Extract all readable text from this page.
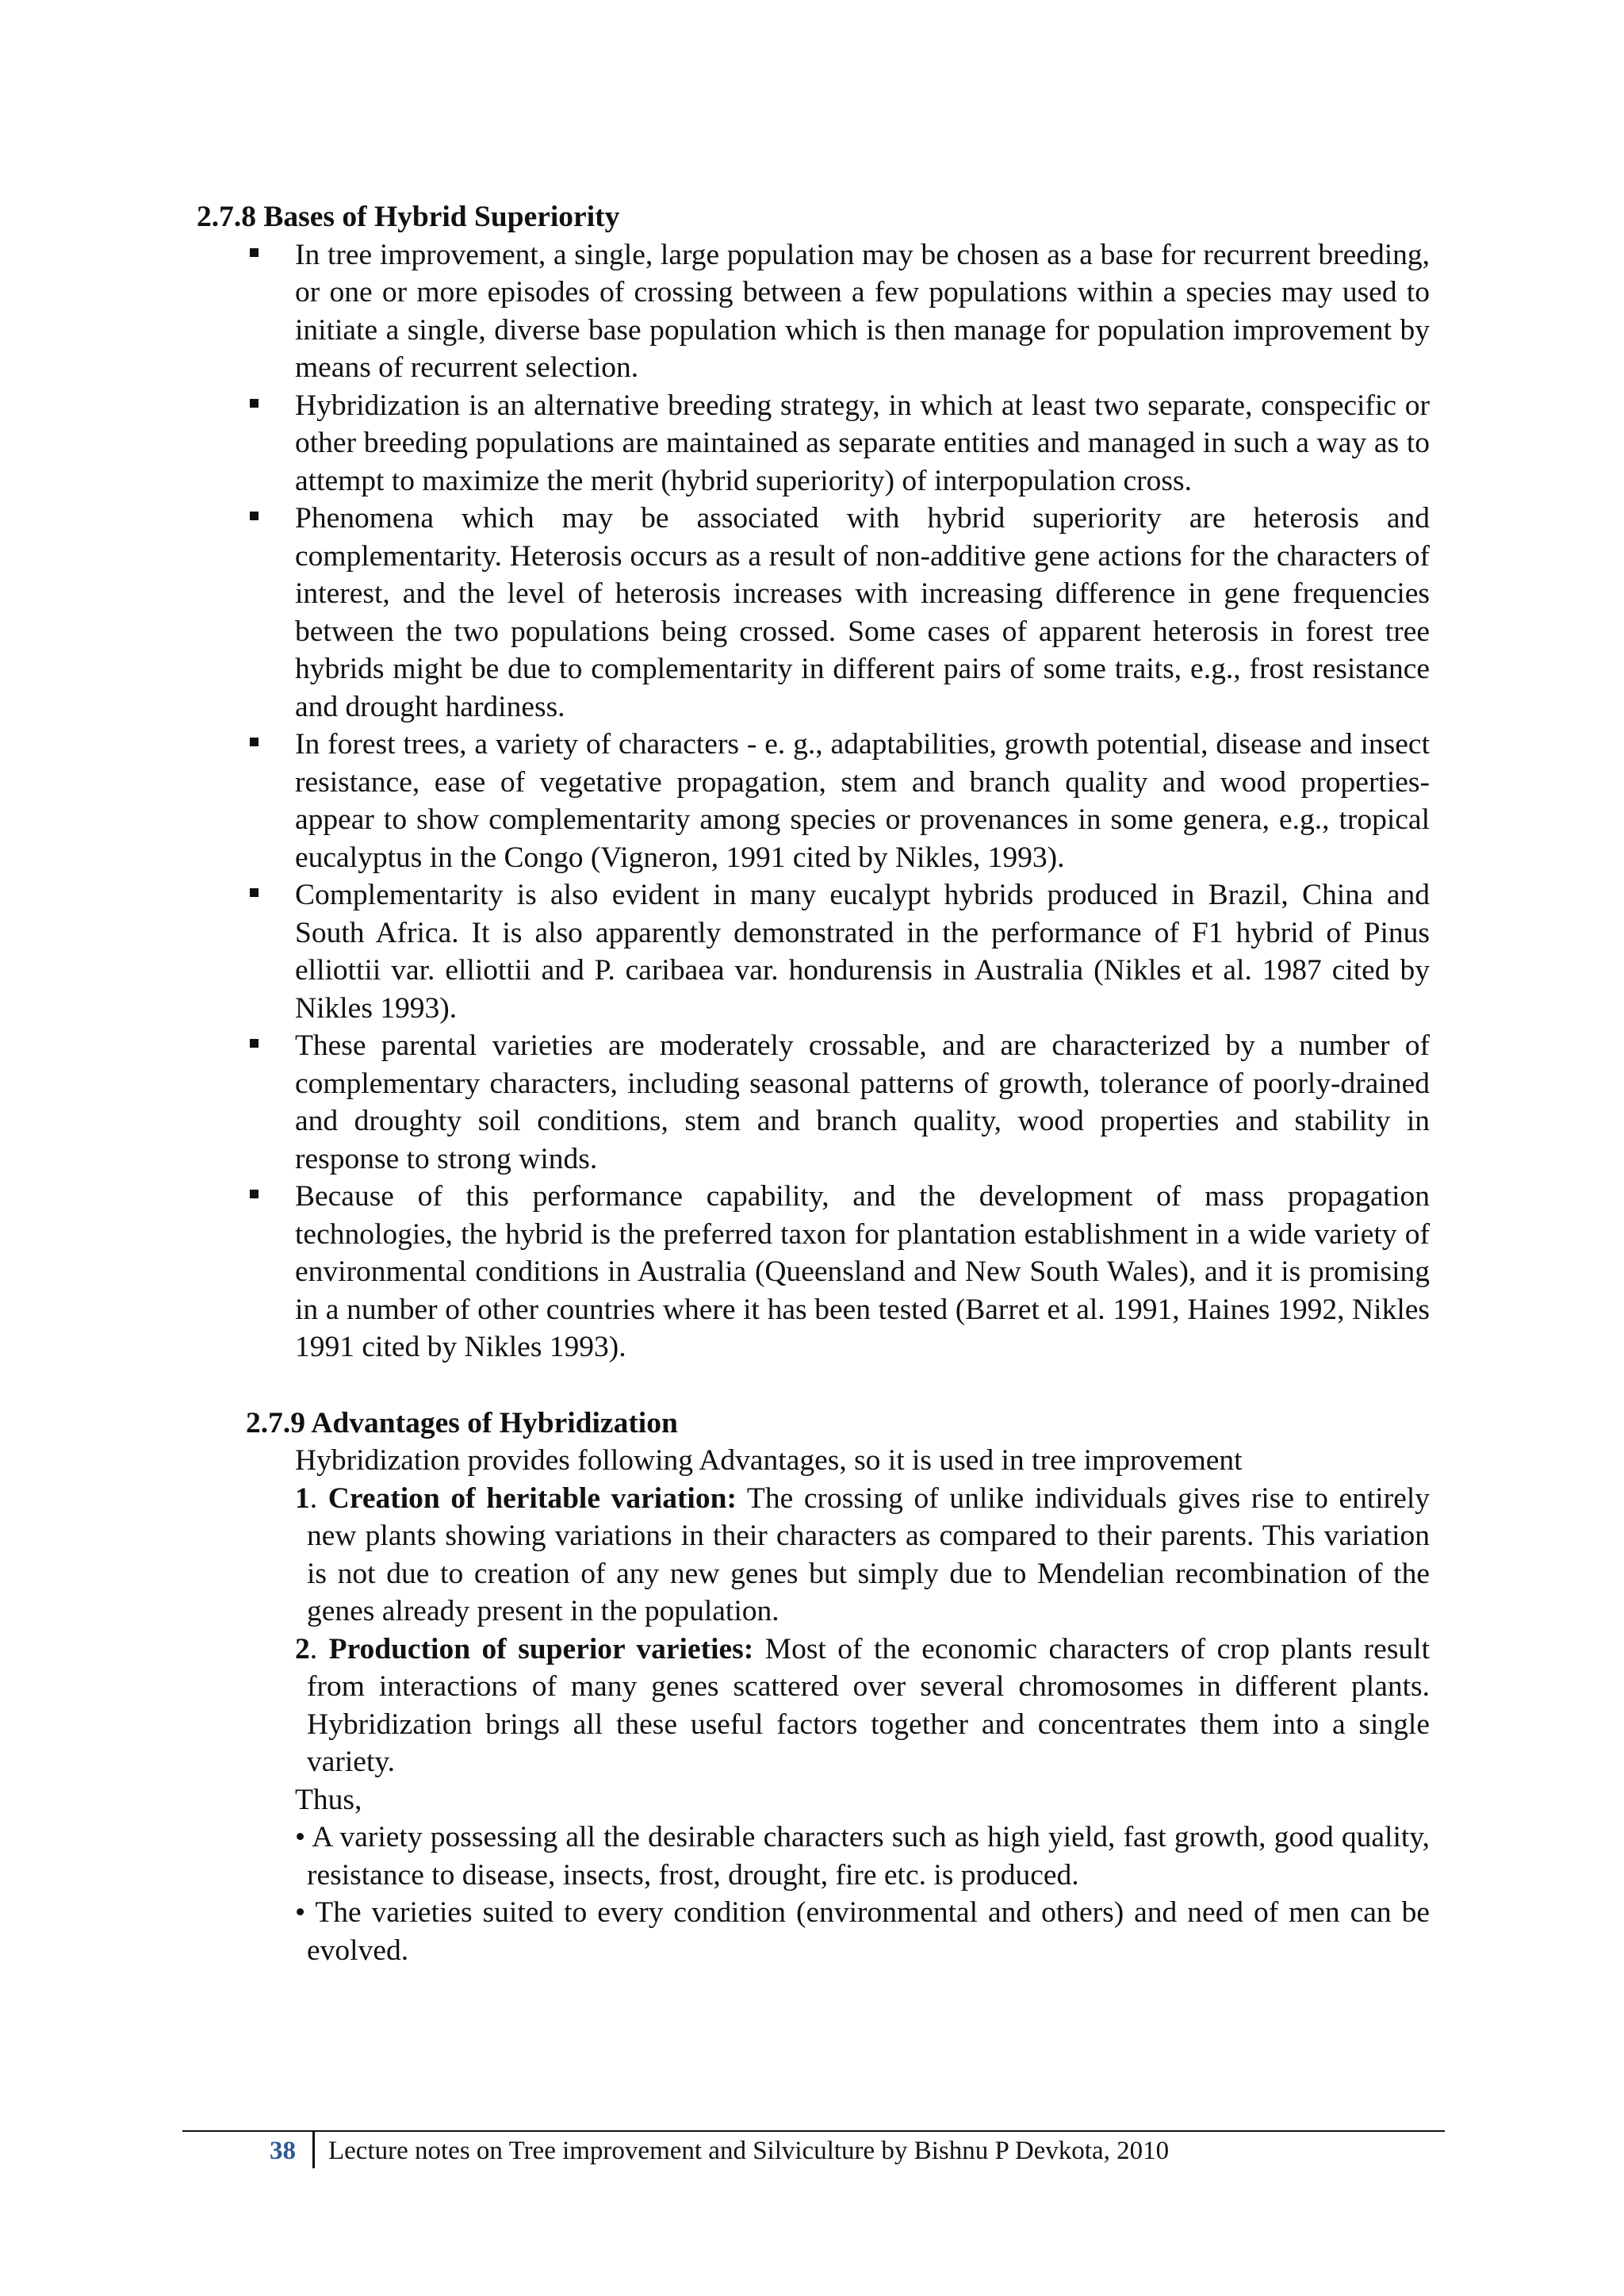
2.7.8 Bases of Hybrid Superiority
In tree improvement, a single, large population may be chosen as a base for recurrent breeding, or one or more episodes of crossing between a few populations within a species may used to initiate a single, diverse base population which is then manage for population improvement by means of recurrent selection.
Hybridization is an alternative breeding strategy, in which at least two separate, conspecific or other breeding populations are maintained as separate entities and managed in such a way as to attempt to maximize the merit (hybrid superiority) of interpopulation cross.
Phenomena which may be associated with hybrid superiority are heterosis and complementarity. Heterosis occurs as a result of non-additive gene actions for the characters of interest, and the level of heterosis increases with increasing difference in gene frequencies between the two populations being crossed. Some cases of apparent heterosis in forest tree hybrids might be due to complementarity in different pairs of some traits, e.g., frost resistance and drought hardiness.
In forest trees, a variety of characters - e. g., adaptabilities, growth potential, disease and insect resistance, ease of vegetative propagation, stem and branch quality and wood properties- appear to show complementarity among species or provenances in some genera, e.g., tropical eucalyptus in the Congo (Vigneron, 1991 cited by Nikles, 1993).
Complementarity is also evident in many eucalypt hybrids produced in Brazil, China and South Africa. It is also apparently demonstrated in the performance of F1 hybrid of Pinus elliottii var. elliottii and P. caribaea var. hondurensis in Australia (Nikles et al. 1987 cited by Nikles 1993).
These parental varieties are moderately crossable, and are characterized by a number of complementary characters, including seasonal patterns of growth, tolerance of poorly-drained and droughty soil conditions, stem and branch quality, wood properties and stability in response to strong winds.
Because of this performance capability, and the development of mass propagation technologies, the hybrid is the preferred taxon for plantation establishment in a wide variety of environmental conditions in Australia (Queensland and New South Wales), and it is promising in a number of other countries where it has been tested (Barret et al. 1991, Haines 1992, Nikles 1991 cited by Nikles 1993).
2.7.9 Advantages of Hybridization

Hybridization provides following Advantages, so it is used in tree improvement

1. Creation of heritable variation: The crossing of unlike individuals gives rise to entirely new plants showing variations in their characters as compared to their parents. This variation is not due to creation of any new genes but simply due to Mendelian recombination of the genes already present in the population.

2. Production of superior varieties: Most of the economic characters of crop plants result from interactions of many genes scattered over several chromosomes in different plants. Hybridization brings all these useful factors together and concentrates them into a single variety.

Thus,

• A variety possessing all the desirable characters such as high yield, fast growth, good quality, resistance to disease, insects, frost, drought, fire etc. is produced.

• The varieties suited to every condition (environmental and others) and need of men can be evolved.

38 Lecture notes on Tree improvement and Silviculture by Bishnu P Devkota, 2010
